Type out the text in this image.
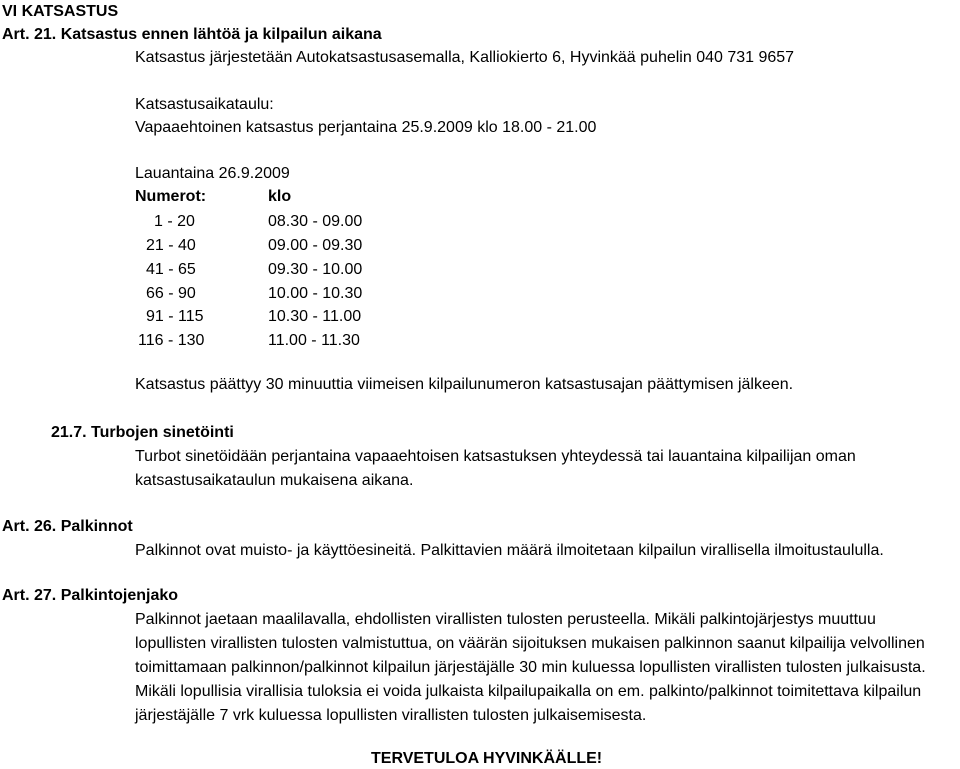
VI KATSASTUS
Art. 21. Katsastus ennen lähtöä ja kilpailun aikana
Katsastus järjestetään Autokatsastusasemalla, Kalliokierto 6, Hyvinkää puhelin 040 731 9657
Katsastusaikataulu:
Vapaaehtoinen katsastus perjantaina 25.9.2009 klo 18.00 - 21.00
Lauantaina 26.9.2009
Numerot:	klo
1 - 20	08.30 - 09.00
21 - 40	09.00 - 09.30
41 - 65	09.30 - 10.00
66 - 90	10.00 - 10.30
91 - 115	10.30 - 11.00
116 - 130	11.00 - 11.30
Katsastus päättyy 30 minuuttia viimeisen kilpailunumeron katsastusajan päättymisen jälkeen.
21.7. Turbojen sinetöinti
Turbot sinetöidään perjantaina vapaaehtoisen katsastuksen yhteydessä tai lauantaina kilpailijan oman
katsastusaikataulun mukaisena aikana.
Art. 26. Palkinnot
Palkinnot ovat muisto- ja käyttöesineitä. Palkittavien määrä ilmoitetaan kilpailun virallisella ilmoitustaululla.
Art. 27. Palkintojenjako
Palkinnot jaetaan maalilavalla, ehdollisten virallisten tulosten perusteella. Mikäli palkintojärjestys muuttuu
lopullisten virallisten tulosten valmistuttua, on väärän sijoituksen mukaisen palkinnon saanut kilpailija velvollinen
toimittamaan palkinnon/palkinnot kilpailun järjestäjälle 30 min kuluessa lopullisten virallisten tulosten julkaisusta.
Mikäli lopullisia virallisia tuloksia ei voida julkaista kilpailupaikalla on em. palkinto/palkinnot toimitettava kilpailun
järjestäjälle 7 vrk kuluessa lopullisten virallisten tulosten julkaisemisesta.
TERVETULOA HYVINKÄÄLLE!
